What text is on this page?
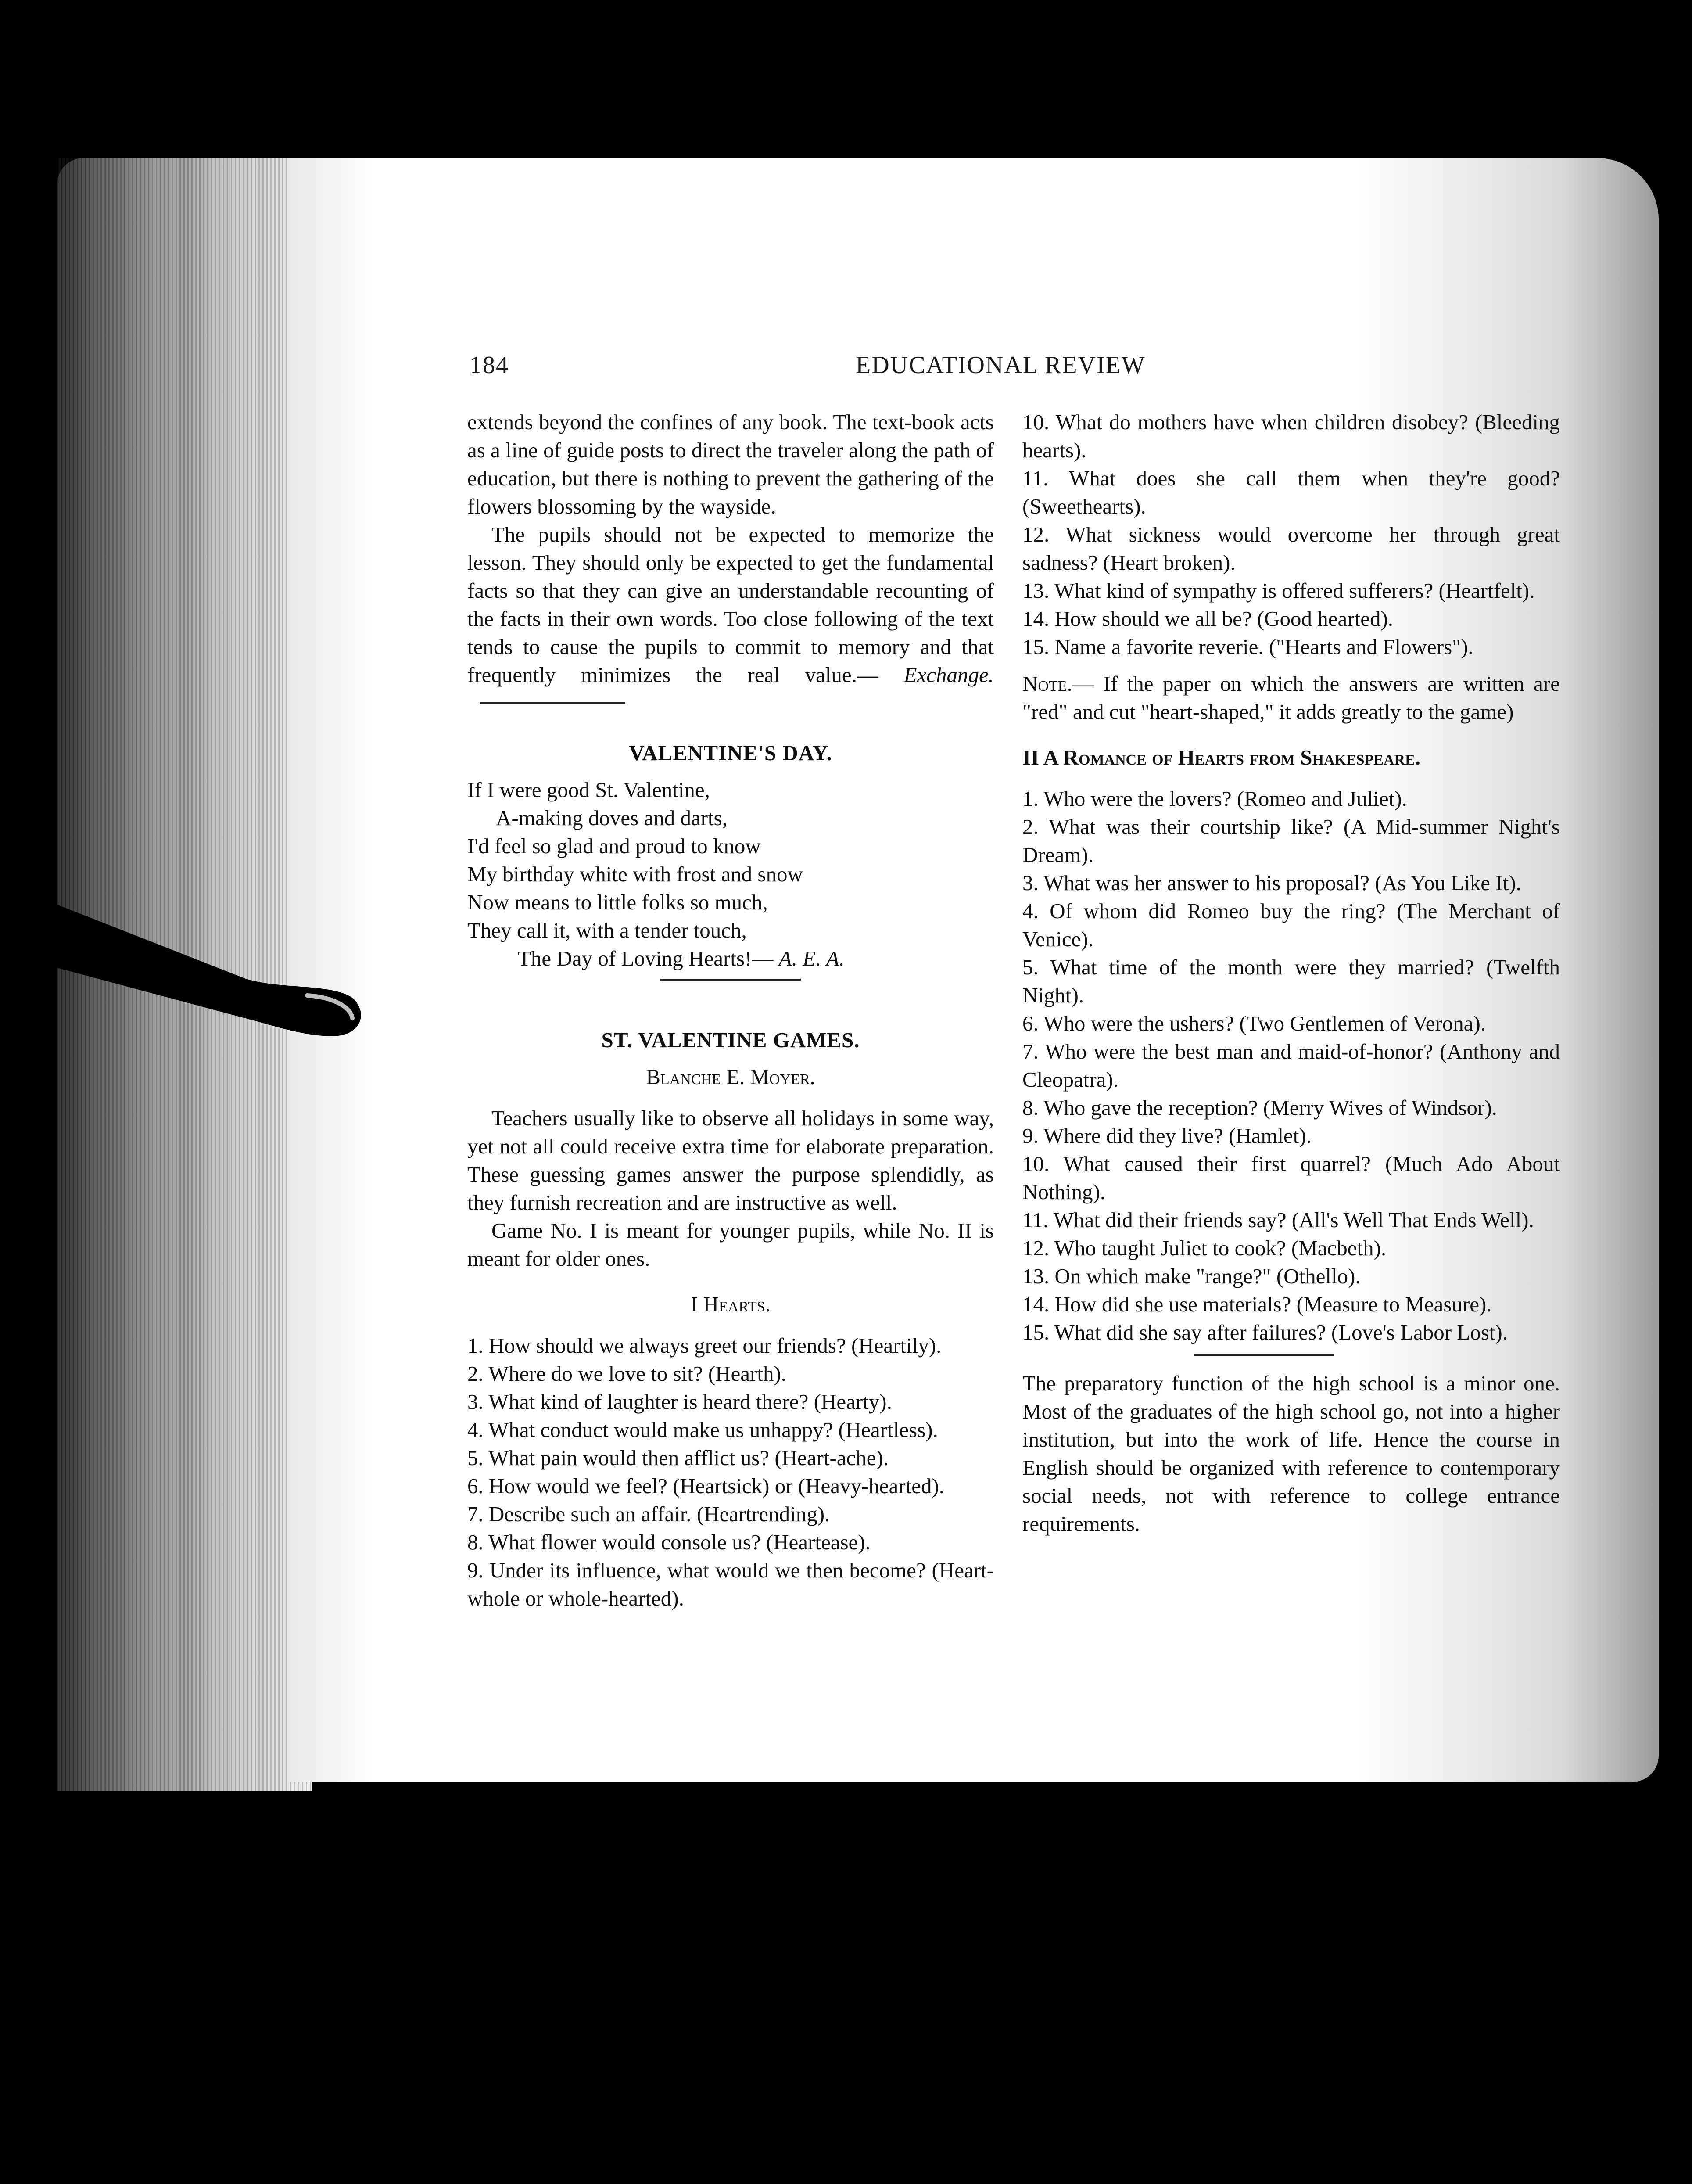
184	EDUCATIONAL REVIEW

extends beyond the confines of any book. The text-book acts as a line of guide posts to direct the traveler along the path of education, but there is nothing to prevent the gathering of the flowers blossoming by the wayside.

The pupils should not be expected to memorize the lesson. They should only be expected to get the fundamental facts so that they can give an understandable recounting of the facts in their own words. Too close following of the text tends to cause the pupils to commit to memory and that frequently minimizes the real value.— Exchange.

VALENTINE'S DAY.

If I were good St. Valentine,

A-making doves and darts,

I'd feel so glad and proud to know

My birthday white with frost and snow

Now means to little folks so much,

They call it, with a tender touch,

The Day of Loving Hearts!— A. E. A.

ST. VALENTINE GAMES.

Blanche E. Moyer.

Teachers usually like to observe all holidays in some way, yet not all could receive extra time for elaborate preparation. These guessing games answer the purpose splendidly, as they furnish recreation and are instructive as well.

Game No. I is meant for younger pupils, while No. II is meant for older ones.

I Hearts.

1. How should we always greet our friends? (Heartily).

2. Where do we love to sit? (Hearth).

3. What kind of laughter is heard there? (Hearty).

4. What conduct would make us unhappy? (Heartless).

5. What pain would then afflict us? (Heart-ache).

6. How would we feel? (Heartsick) or (Heavy-hearted).

7. Describe such an affair. (Heartrending).

8. What flower would console us? (Heartease).

9. Under its influence, what would we then become? (Heart-whole or whole-hearted).

10. What do mothers have when children disobey? (Bleeding hearts).

11. What does she call them when they're good? (Sweethearts).

12. What sickness would overcome her through great sadness? (Heart broken).

13. What kind of sympathy is offered sufferers? (Heartfelt).

14. How should we all be? (Good hearted).

15. Name a favorite reverie. ("Hearts and Flowers").

Note.— If the paper on which the answers are written are "red" and cut "heart-shaped," it adds greatly to the game)

II A Romance of Hearts from Shakespeare.

1. Who were the lovers? (Romeo and Juliet).

2. What was their courtship like? (A Mid-summer Night's Dream).

3. What was her answer to his proposal? (As You Like It).

4. Of whom did Romeo buy the ring? (The Merchant of Venice).

5. What time of the month were they married? (Twelfth Night).

6. Who were the ushers? (Two Gentlemen of Verona).

7. Who were the best man and maid-of-honor? (Anthony and Cleopatra).

8. Who gave the reception? (Merry Wives of Windsor).

9. Where did they live? (Hamlet).

10. What caused their first quarrel? (Much Ado About Nothing).

11. What did their friends say? (All's Well That Ends Well).

12. Who taught Juliet to cook? (Macbeth).

13. On which make "range?" (Othello).

14. How did she use materials? (Measure to Measure).

15. What did she say after failures? (Love's Labor Lost).

The preparatory function of the high school is a minor one. Most of the graduates of the high school go, not into a higher institution, but into the work of life. Hence the course in English should be organized with reference to contemporary social needs, not with reference to college entrance requirements.
